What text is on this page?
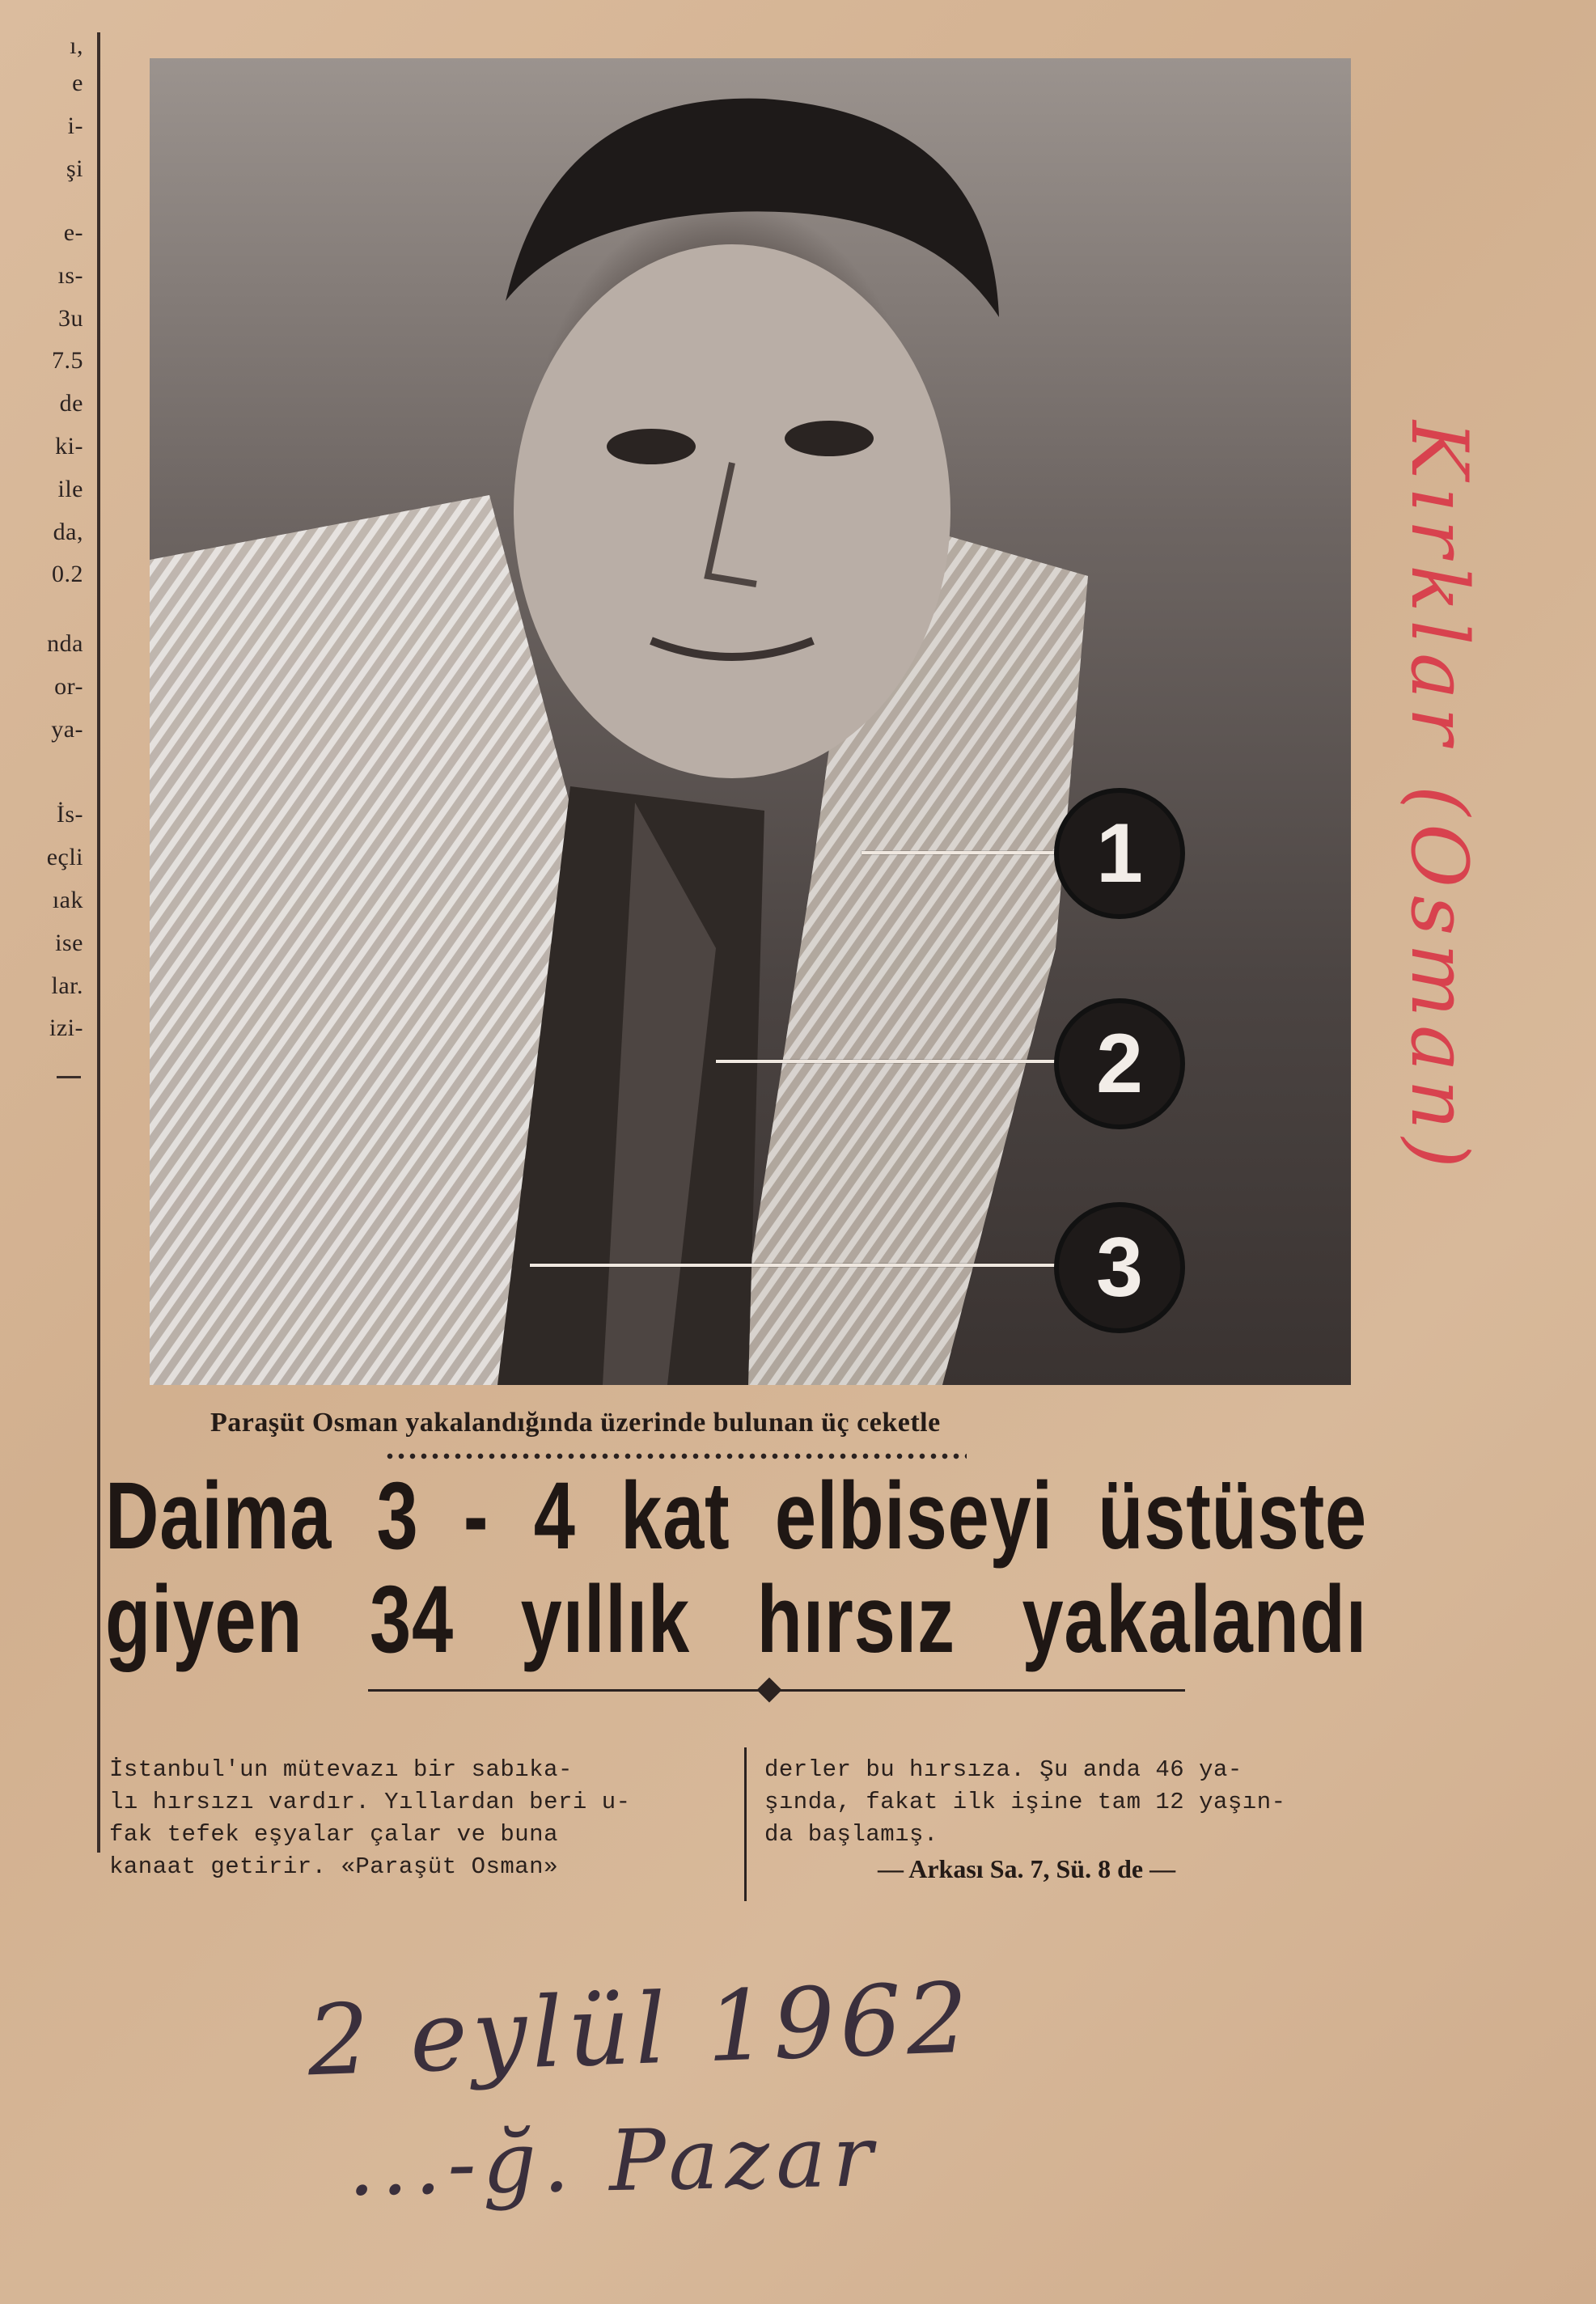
ı,
e
i-
şi
e-
ıs-
3u
7.5
de
ki-
ile
da,
0.2
nda
or-
ya-
İs-
eçli
ıak
ise
lar.
izi-
1
2
3
Paraşüt Osman yakalandığında üzerinde bulunan üç ceketle
Daima 3 - 4 kat elbiseyi üstüste
giyen 34 yıllık hırsız yakalandı

İstanbul'un mütevazı bir sabıka-
lı hırsızı vardır. Yıllardan beri u-
fak tefek eşyalar çalar ve buna
kanaat getirir. «Paraşüt Osman»

derler bu hırsıza. Şu anda 46 ya-
şında, fakat ilk işine tam 12 yaşın-
da başlamış.

— Arkası Sa. 7, Sü. 8 de —
2 eylül 1962
...-ğ. Pazar
Kırklar (Osman)
